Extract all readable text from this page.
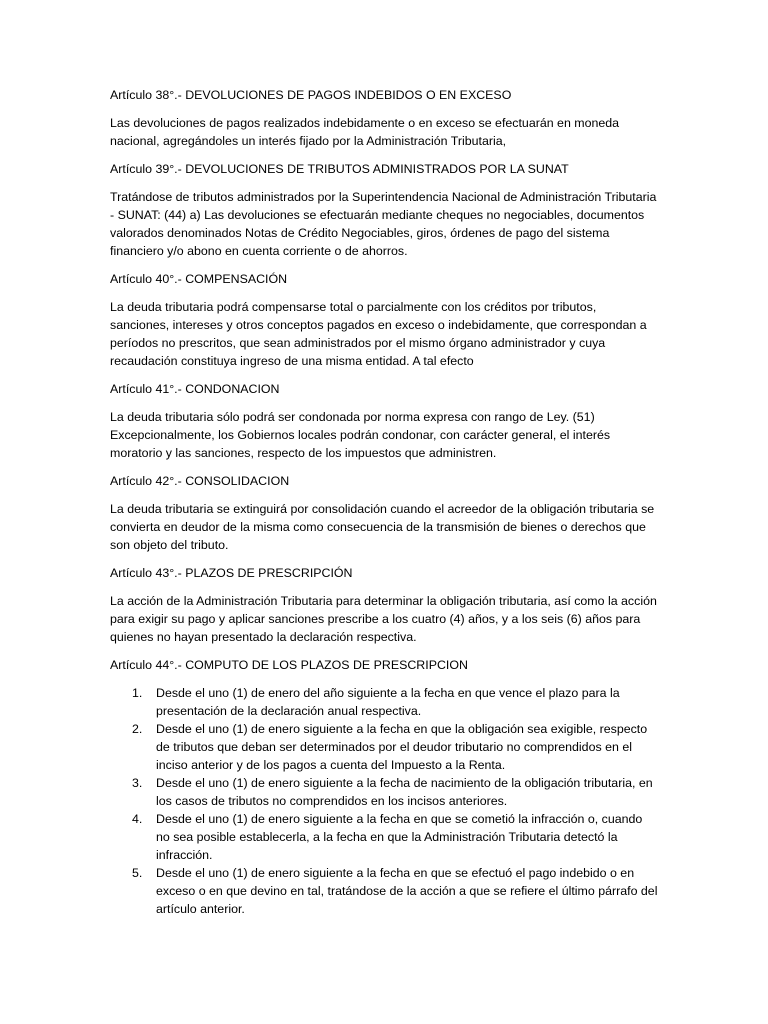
Artículo 38°.- DEVOLUCIONES DE PAGOS INDEBIDOS O EN EXCESO

Las devoluciones de pagos realizados indebidamente o en exceso se efectuarán en moneda nacional, agregándoles un interés fijado por la Administración Tributaria,

Artículo 39°.- DEVOLUCIONES DE TRIBUTOS ADMINISTRADOS POR LA SUNAT

Tratándose de tributos administrados por la Superintendencia Nacional de Administración Tributaria - SUNAT: (44) a) Las devoluciones se efectuarán mediante cheques no negociables, documentos valorados denominados Notas de Crédito Negociables, giros, órdenes de pago del sistema financiero y/o abono en cuenta corriente o de ahorros.

Artículo 40°.- COMPENSACIÓN

La deuda tributaria podrá compensarse total o parcialmente con los créditos por tributos, sanciones, intereses y otros conceptos pagados en exceso o indebidamente, que correspondan a períodos no prescritos, que sean administrados por el mismo órgano administrador y cuya recaudación constituya ingreso de una misma entidad. A tal efecto

Artículo 41°.- CONDONACION

La deuda tributaria sólo podrá ser condonada por norma expresa con rango de Ley. (51) Excepcionalmente, los Gobiernos locales podrán condonar, con carácter general, el interés moratorio y las sanciones, respecto de los impuestos que administren.

Artículo 42°.- CONSOLIDACION

La deuda tributaria se extinguirá por consolidación cuando el acreedor de la obligación tributaria se convierta en deudor de la misma como consecuencia de la transmisión de bienes o derechos que son objeto del tributo.

Artículo 43°.- PLAZOS DE PRESCRIPCIÓN

La acción de la Administración Tributaria para determinar la obligación tributaria, así como la acción para exigir su pago y aplicar sanciones prescribe a los cuatro (4) años, y a los seis (6) años para quienes no hayan presentado la declaración respectiva.

Artículo 44°.- COMPUTO DE LOS PLAZOS DE PRESCRIPCION

1.	Desde el uno (1) de enero del año siguiente a la fecha en que vence el plazo para la presentación de la declaración anual respectiva.
2.	Desde el uno (1) de enero siguiente a la fecha en que la obligación sea exigible, respecto de tributos que deban ser determinados por el deudor tributario no comprendidos en el inciso anterior y de los pagos a cuenta del Impuesto a la Renta.
3.	Desde el uno (1) de enero siguiente a la fecha de nacimiento de la obligación tributaria, en los casos de tributos no comprendidos en los incisos anteriores.
4.	Desde el uno (1) de enero siguiente a la fecha en que se cometió la infracción o, cuando no sea posible establecerla, a la fecha en que la Administración Tributaria detectó la infracción.
5.	Desde el uno (1) de enero siguiente a la fecha en que se efectuó el pago indebido o en exceso o en que devino en tal, tratándose de la acción a que se refiere el último párrafo del artículo anterior.
